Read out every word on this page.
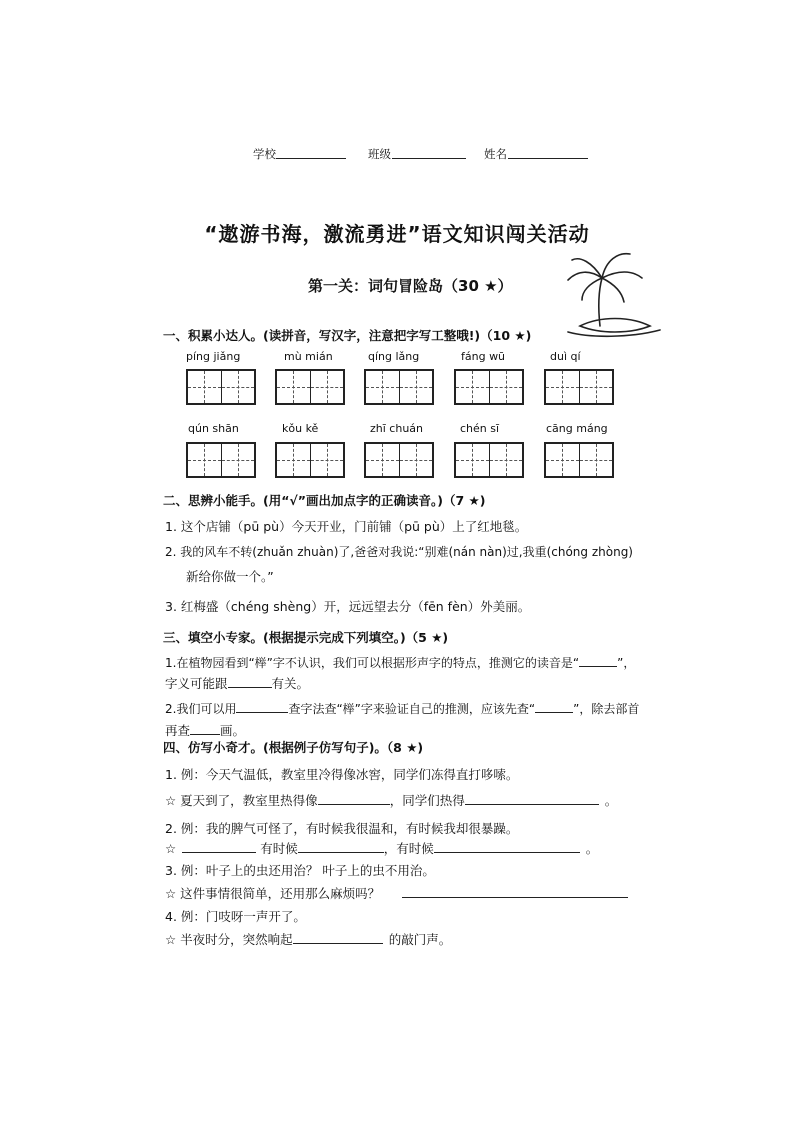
学校	班级	姓名
“遨游书海，激流勇进”语文知识闯关活动
第一关：词句冒险岛（30 ★）
一、积累小达人。(读拼音，写汉字，注意把字写工整哦!)（10 ★)
píng jiǎng	mù mián	qíng lǎng	fáng wū	duì qí
qún shān	kǒu kě	zhī chuán	chén sī	cāng máng
二、思辨小能手。(用“√”画出加点字的正确读音。)（7 ★)
1. 这个店铺（pū pù）今天开业，门前铺（pū pù）上了红地毯。
2. 我的风车不转(zhuǎn zhuàn)了,爸爸对我说:“别难(nán nàn)过,我重(chóng zhòng)
新给你做一个。”
3. 红梅盛（chéng shèng）开，远远望去分（fēn fèn）外美丽。
三、填空小专家。(根据提示完成下列填空。)（5 ★)
1.在植物园看到“榉”字不认识，我们可以根据形声字的特点，推测它的读音是“	”，
字义可能跟	有关。
2.我们可以用	查字法查“榉”字来验证自己的推测，应该先查“	”，除去部首
再查 画。
四、仿写小奇才。(根据例子仿写句子)。（8 ★)
1. 例：今天气温低，教室里冷得像冰窖，同学们冻得直打哆嗦。
☆ 夏天到了，教室里热得像	，同学们热得	。
2. 例：我的脾气可怪了，有时候我很温和，有时候我却很暴躁。
☆	有时候	，有时候	。
3. 例：叶子上的虫还用治？ 叶子上的虫不用治。
☆ 这件事情很简单，还用那么麻烦吗？
4. 例：门吱呀一声开了。
☆ 半夜时分，突然响起	的敲门声。
